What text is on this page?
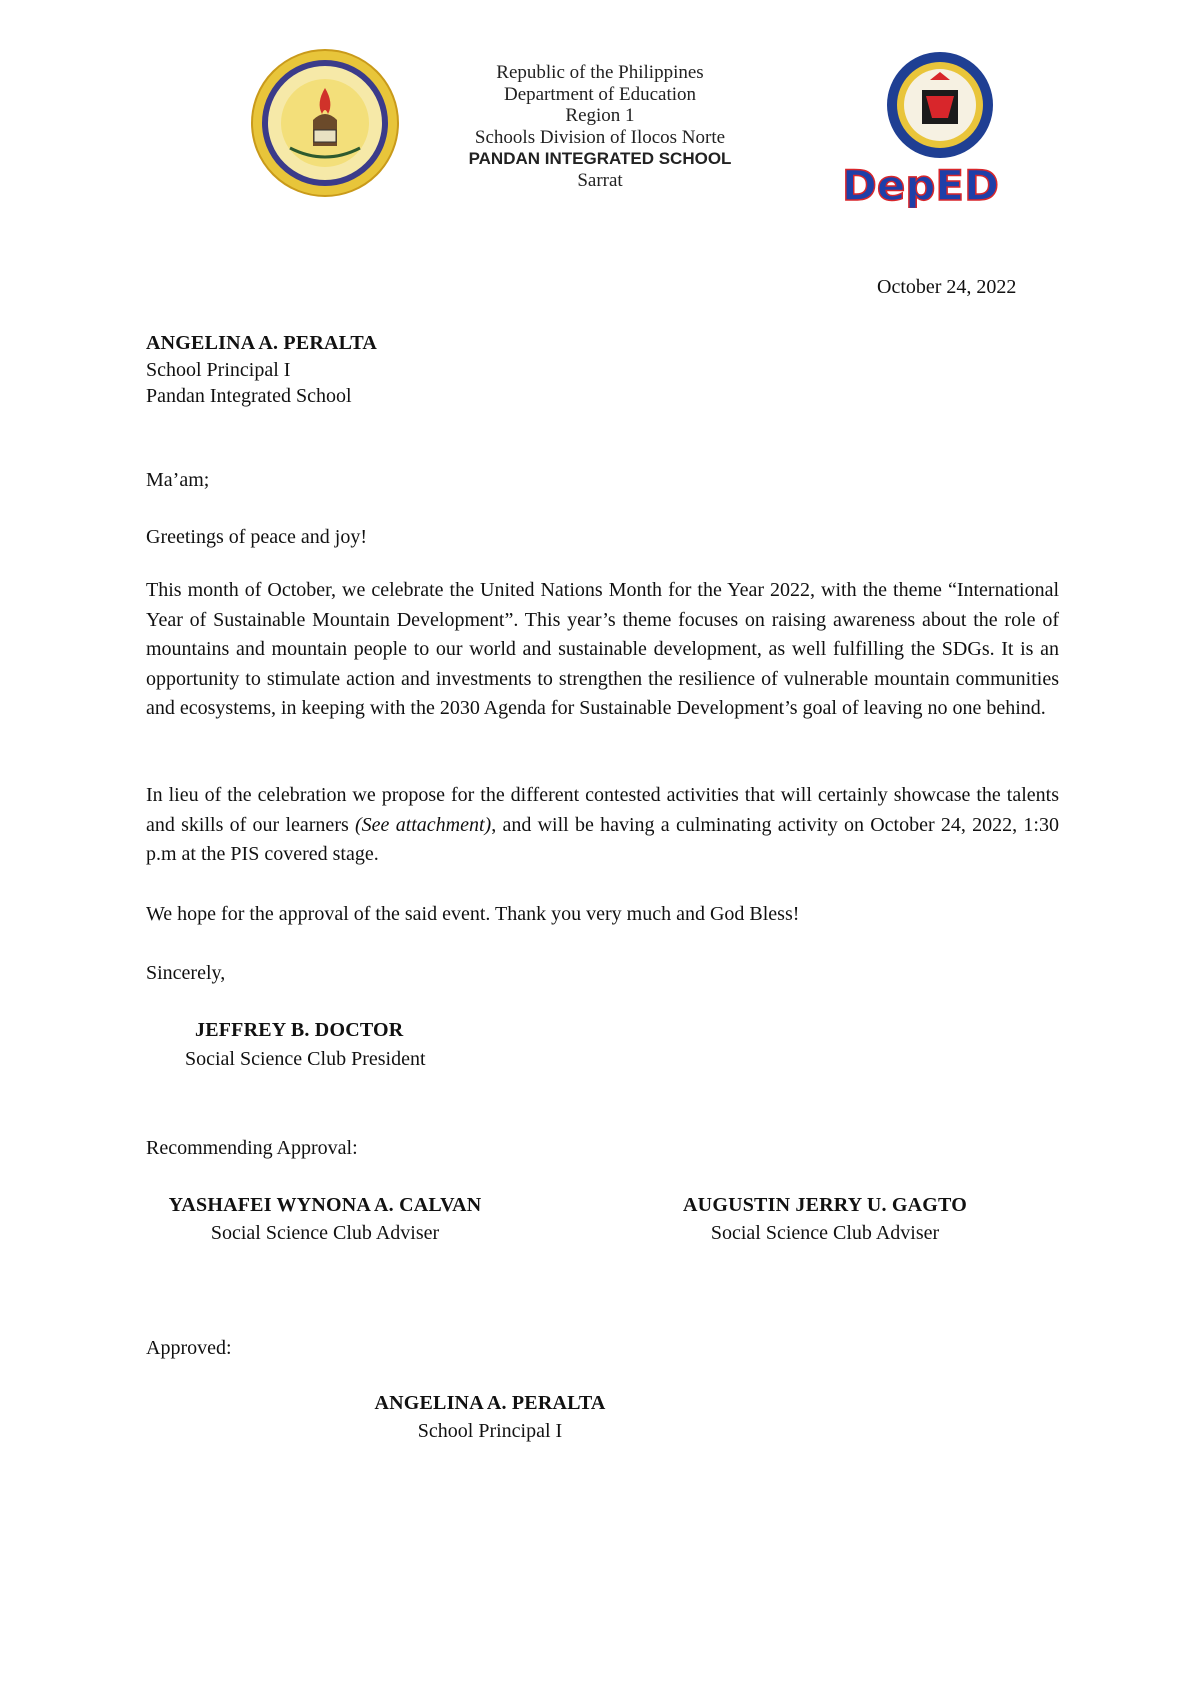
Republic of the Philippines
Department of Education
Region 1
Schools Division of Ilocos Norte
PANDAN INTEGRATED SCHOOL
Sarrat	DepED
October 24, 2022
ANGELINA A. PERALTA
School Principal I
Pandan Integrated School
Ma’am;
Greetings of peace and joy!
This month of October, we celebrate the United Nations Month for the Year 2022, with the theme “International Year of Sustainable Mountain Development”. This year’s theme focuses on raising awareness about the role of mountains and mountain people to our world and sustainable development, as well fulfilling the SDGs. It is an opportunity to stimulate action and investments to strengthen the resilience of vulnerable mountain communities and ecosystems, in keeping with the 2030 Agenda for Sustainable Development’s goal of leaving no one behind.
In lieu of the celebration we propose for the different contested activities that will certainly showcase the talents and skills of our learners (See attachment), and will be having a culminating activity on October 24, 2022, 1:30 p.m at the PIS covered stage.
We hope for the approval of the said event. Thank you very much and God Bless!
Sincerely,
JEFFREY B. DOCTOR
Social Science Club President
Recommending Approval:
YASHAFEI WYNONA A. CALVAN
Social Science Club Adviser
AUGUSTIN JERRY U. GAGTO
Social Science Club Adviser
Approved:
ANGELINA A. PERALTA
School Principal I
